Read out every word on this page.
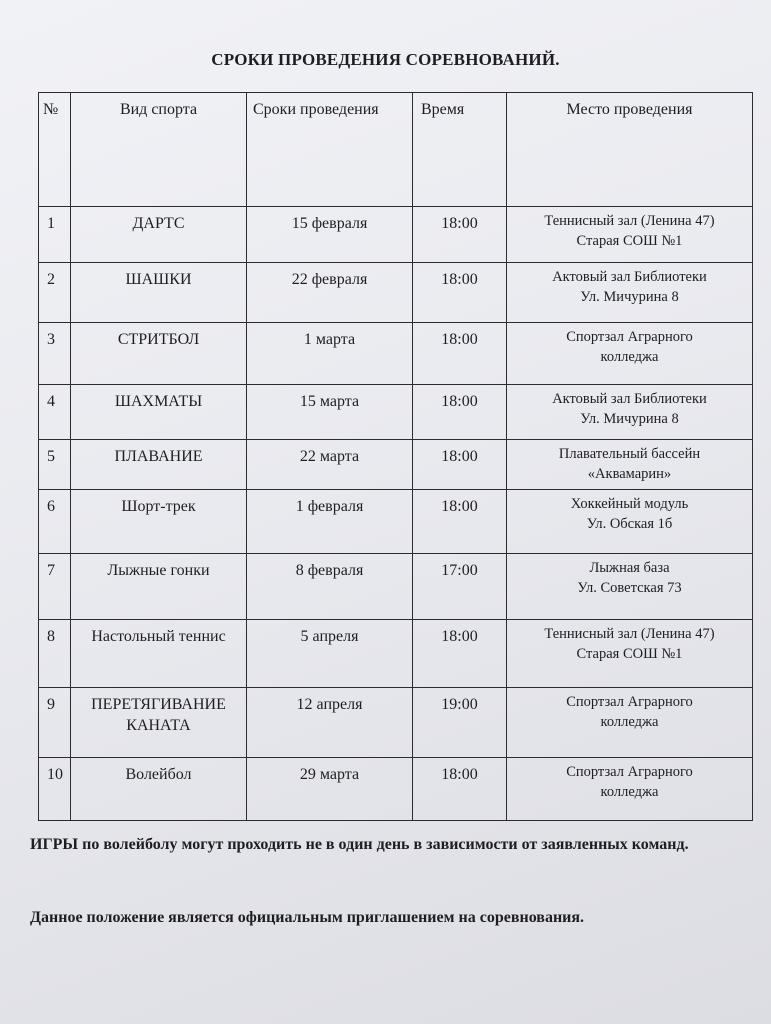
СРОКИ ПРОВЕДЕНИЯ СОРЕВНОВАНИЙ.
№	Вид спорта	Сроки проведения	Время	Место проведения

1	ДАРТС	15 февраля	18:00	Теннисный зал (Ленина 47)
Старая СОШ №1

2	ШАШКИ	22 февраля	18:00	Актовый зал Библиотеки
Ул. Мичурина 8

3	СТРИТБОЛ	1 марта	18:00	Спортзал Аграрного
колледжа

4	ШАХМАТЫ	15 марта	18:00	Актовый зал Библиотеки
Ул. Мичурина 8

5	ПЛАВАНИЕ	22 марта	18:00	Плавательный бассейн
«Аквамарин»

6	Шорт-трек	1 февраля	18:00	Хоккейный модуль
Ул. Обская 1б

7	Лыжные гонки	8 февраля	17:00	Лыжная база
Ул. Советская 73

8	Настольный теннис	5 апреля	18:00	Теннисный зал (Ленина 47)
Старая СОШ №1

9	ПЕРЕТЯГИВАНИЕ КАНАТА	12 апреля	19:00	Спортзал Аграрного
колледжа

10	Волейбол	29 марта	18:00	Спортзал Аграрного
колледжа
ИГРЫ по волейболу могут проходить не в один день в зависимости от заявленных команд.
Данное положение является официальным приглашением на соревнования.
